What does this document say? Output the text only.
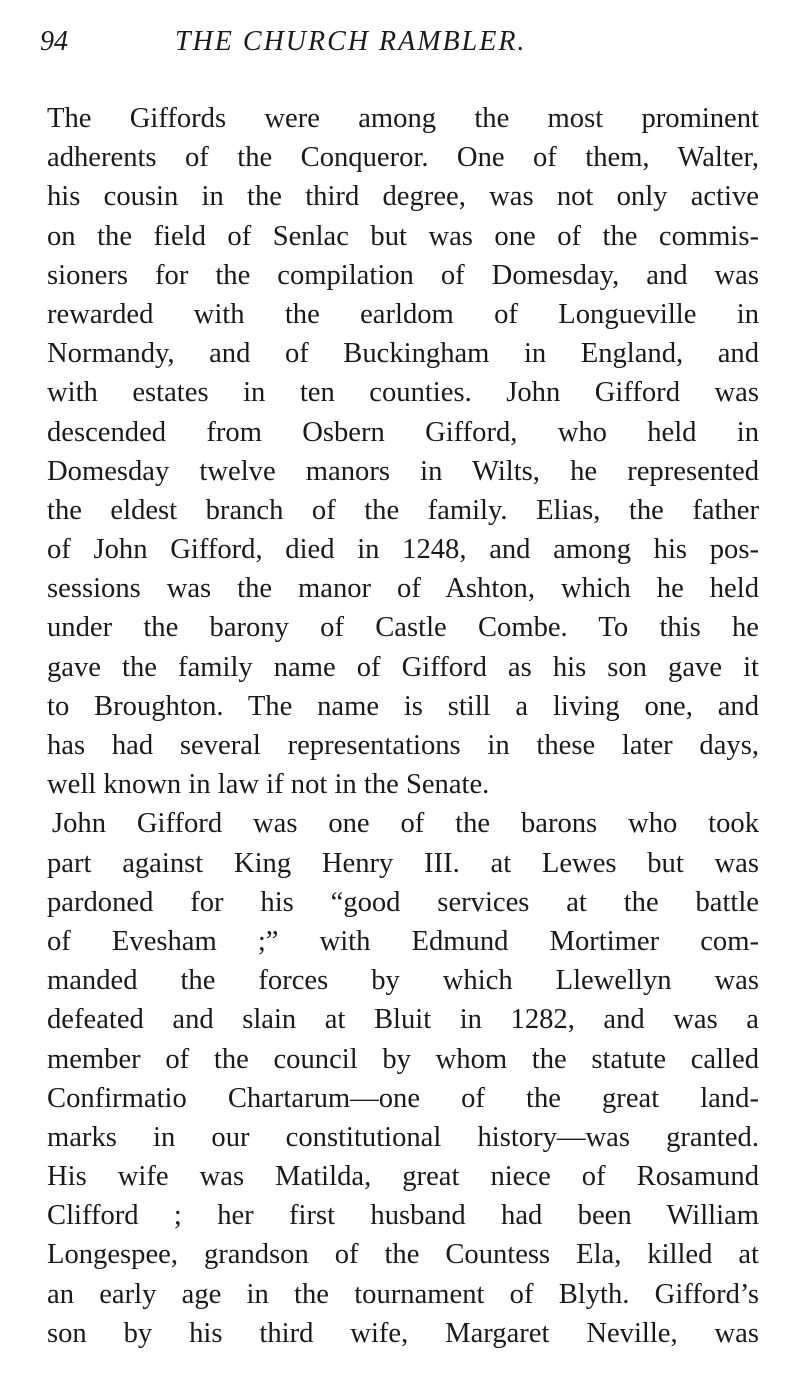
94	THE CHURCH RAMBLER.
The Giffords were among the most prominent
adherents of the Conqueror. One of them, Walter,
his cousin in the third degree, was not only active
on the field of Senlac but was one of the commis-
sioners for the compilation of Domesday, and was
rewarded with the earldom of Longueville in
Normandy, and of Buckingham in England, and
with estates in ten counties. John Gifford was
descended from Osbern Gifford, who held in
Domesday twelve manors in Wilts, he represented
the eldest branch of the family. Elias, the father
of John Gifford, died in 1248, and among his pos-
sessions was the manor of Ashton, which he held
under the barony of Castle Combe. To this he
gave the family name of Gifford as his son gave it
to Broughton. The name is still a living one, and
has had several representations in these later days,
well known in law if not in the Senate.
John Gifford was one of the barons who took
part against King Henry III. at Lewes but was
pardoned for his “good services at the battle
of Evesham ;” with Edmund Mortimer com-
manded the forces by which Llewellyn was
defeated and slain at Bluit in 1282, and was a
member of the council by whom the statute called
Confirmatio Chartarum—one of the great land-
marks in our constitutional history—was granted.
His wife was Matilda, great niece of Rosamund
Clifford ; her first husband had been William
Longespee, grandson of the Countess Ela, killed at
an early age in the tournament of Blyth. Gifford’s
son by his third wife, Margaret Neville, was
